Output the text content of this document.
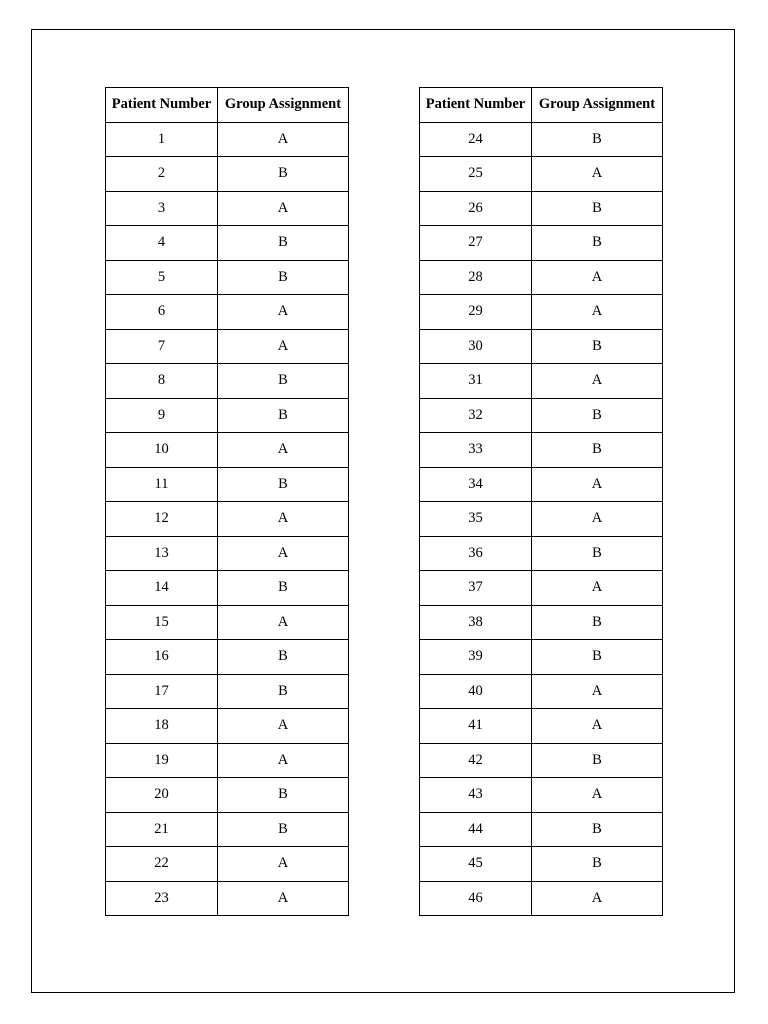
Patient Number	Group Assignment
1	A
2	B
3	A
4	B
5	B
6	A
7	A
8	B
9	B
10	A
11	B
12	A
13	A
14	B
15	A
16	B
17	B
18	A
19	A
20	B
21	B
22	A
23	A
Patient Number	Group Assignment
24	B
25	A
26	B
27	B
28	A
29	A
30	B
31	A
32	B
33	B
34	A
35	A
36	B
37	A
38	B
39	B
40	A
41	A
42	B
43	A
44	B
45	B
46	A
